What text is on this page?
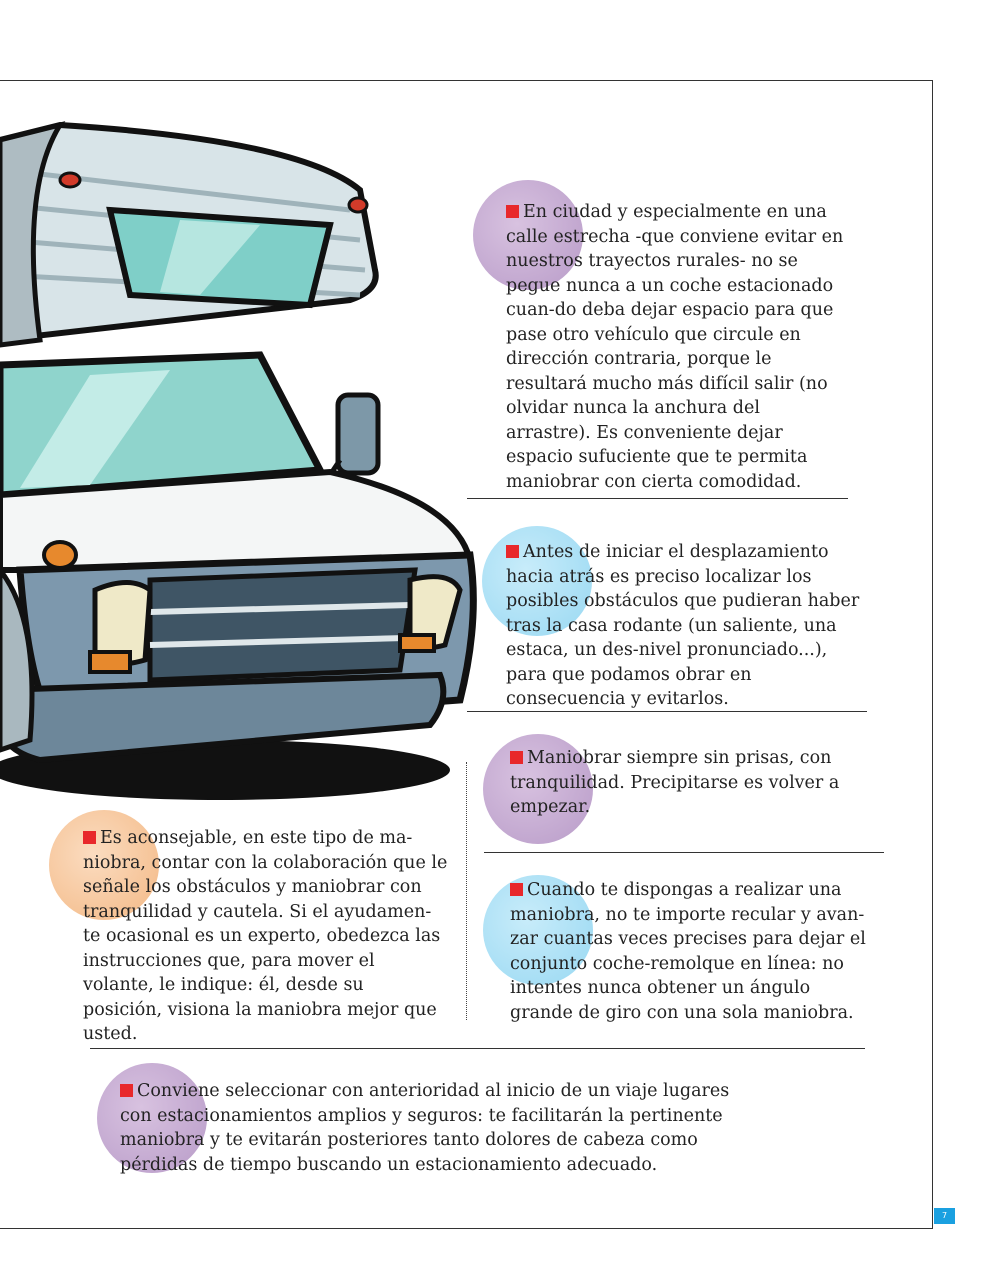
En ciudad y especialmente en una calle estrecha -que conviene evitar en nuestros trayectos rurales- no se pegue nunca a un coche estacionado cuan-do deba dejar espacio para que pase otro vehículo que circule en dirección contraria, porque le resultará mucho más difícil salir (no olvidar nunca la anchura del arrastre). Es conveniente dejar espacio sufuciente que te permita maniobrar con cierta comodidad.

Antes de iniciar el desplazamiento hacia atrás es preciso localizar los posibles obstáculos que pudieran haber tras la casa rodante (un saliente, una estaca, un des-nivel pronunciado...), para que podamos obrar en consecuencia y evitarlos.

Maniobrar siempre sin prisas, con tranquilidad. Precipitarse es volver a empezar.

Es aconsejable, en este tipo de ma-niobra, contar con la colaboración que le señale los obstáculos y maniobrar con tranquilidad y cautela. Si el ayudamen-te ocasional es un experto, obedezca las instrucciones que, para mover el volante, le indique: él, desde su posición, visiona la maniobra mejor que usted.

Cuando te dispongas a realizar una maniobra, no te importe recular y avan-zar cuantas veces precises para dejar el conjunto coche-remolque en línea: no intentes nunca obtener un ángulo grande de giro con una sola maniobra.

Conviene seleccionar con anterioridad al inicio de un viaje lugares con estacionamientos amplios y seguros: te facilitarán la pertinente maniobra y te evitarán posteriores tanto dolores de cabeza como pérdidas de tiempo buscando un estacionamiento adecuado.

7
